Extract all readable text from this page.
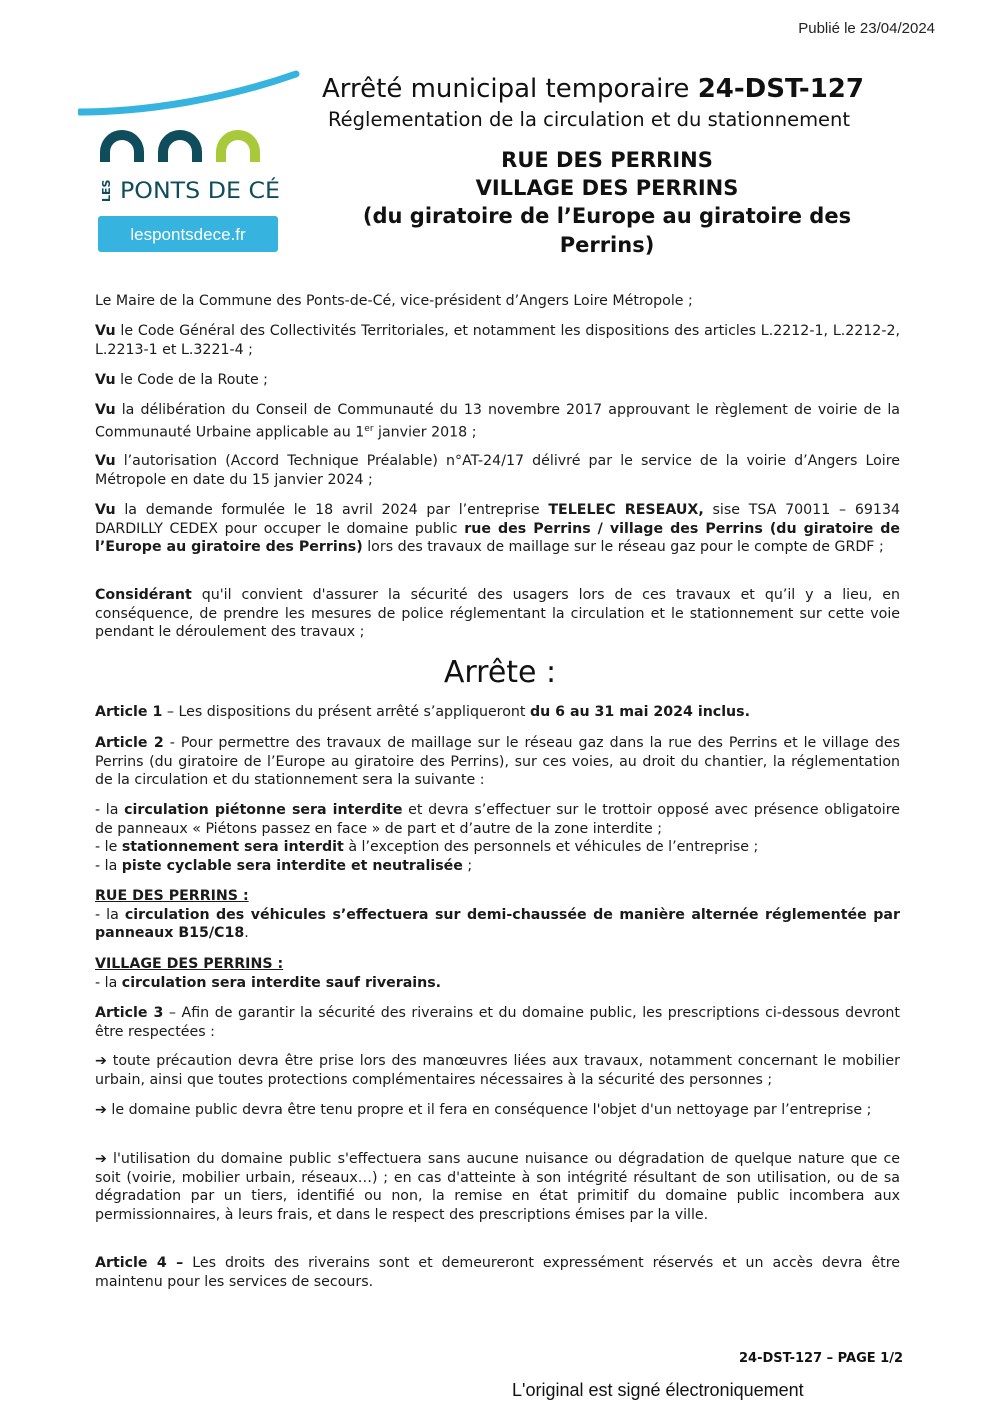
Publié le 23/04/2024
LES PONTS DE CÉ
lespontsdece.fr
Arrêté municipal temporaire 24-DST-127
Réglementation de la circulation et du stationnement
RUE DES PERRINS
VILLAGE DES PERRINS
(du giratoire de l’Europe au giratoire des
Perrins)
Le Maire de la Commune des Ponts-de-Cé, vice-président d’Angers Loire Métropole ;
Vu le Code Général des Collectivités Territoriales, et notamment les dispositions des articles L.2212-1, L.2212-2, L.2213-1 et L.3221-4 ;
Vu le Code de la Route ;
Vu la délibération du Conseil de Communauté du 13 novembre 2017 approuvant le règlement de voirie de la Communauté Urbaine applicable au 1er janvier 2018 ;
Vu l’autorisation (Accord Technique Préalable) n°AT-24/17 délivré par le service de la voirie d’Angers Loire Métropole en date du 15 janvier 2024 ;
Vu la demande formulée le 18 avril 2024 par l’entreprise TELELEC RESEAUX, sise TSA 70011 – 69134 DARDILLY CEDEX pour occuper le domaine public rue des Perrins / village des Perrins (du giratoire de l’Europe au giratoire des Perrins) lors des travaux de maillage sur le réseau gaz pour le compte de GRDF ;
Considérant qu'il convient d'assurer la sécurité des usagers lors de ces travaux et qu’il y a lieu, en conséquence, de prendre les mesures de police réglementant la circulation et le stationnement sur cette voie pendant le déroulement des travaux ;
Arrête :
Article 1 – Les dispositions du présent arrêté s’appliqueront du 6 au 31 mai 2024 inclus.
Article 2 - Pour permettre des travaux de maillage sur le réseau gaz dans la rue des Perrins et le village des Perrins (du giratoire de l’Europe au giratoire des Perrins), sur ces voies, au droit du chantier, la réglementation de la circulation et du stationnement sera la suivante :
- la circulation piétonne sera interdite et devra s’effectuer sur le trottoir opposé avec présence obligatoire de panneaux « Piétons passez en face » de part et d’autre de la zone interdite ;
- le stationnement sera interdit à l’exception des personnels et véhicules de l’entreprise ;
- la piste cyclable sera interdite et neutralisée ;
RUE DES PERRINS :
- la circulation des véhicules s’effectuera sur demi-chaussée de manière alternée réglementée par panneaux B15/C18.
VILLAGE DES PERRINS :
- la circulation sera interdite sauf riverains.
Article 3 – Afin de garantir la sécurité des riverains et du domaine public, les prescriptions ci-dessous devront être respectées :
➔ toute précaution devra être prise lors des manœuvres liées aux travaux, notamment concernant le mobilier urbain, ainsi que toutes protections complémentaires nécessaires à la sécurité des personnes ;
➔ le domaine public devra être tenu propre et il fera en conséquence l'objet d'un nettoyage par l’entreprise ;
➔ l'utilisation du domaine public s'effectuera sans aucune nuisance ou dégradation de quelque nature que ce soit (voirie, mobilier urbain, réseaux…) ; en cas d'atteinte à son intégrité résultant de son utilisation, ou de sa dégradation par un tiers, identifié ou non, la remise en état primitif du domaine public incombera aux permissionnaires, à leurs frais, et dans le respect des prescriptions émises par la ville.
Article 4 – Les droits des riverains sont et demeureront expressément réservés et un accès devra être maintenu pour les services de secours.
24-DST-127 – PAGE 1/2
L'original est signé électroniquement
